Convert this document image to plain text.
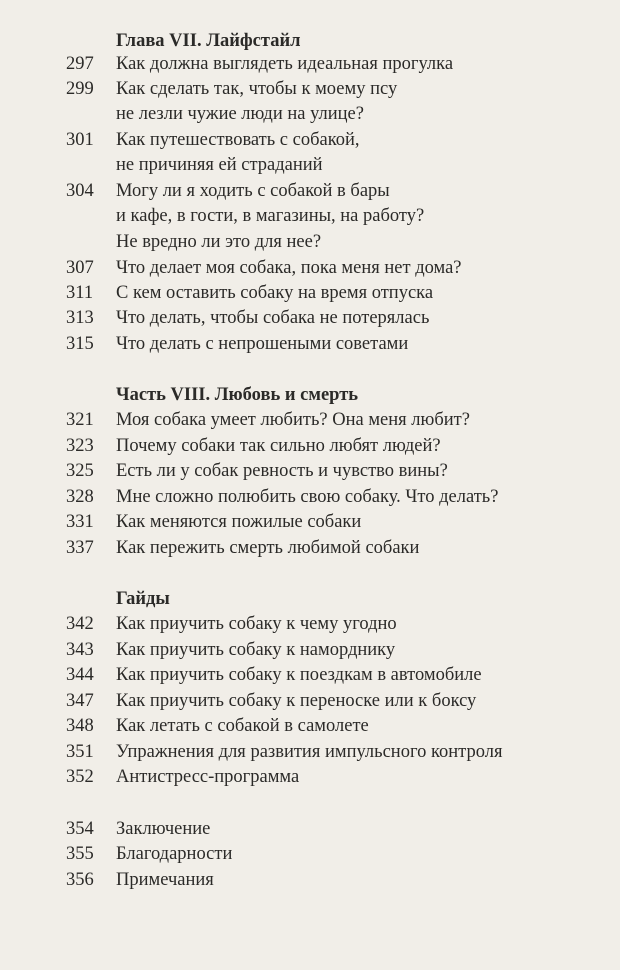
Глава VII. Лайфстайл
297 Как должна выглядеть идеальная прогулка
299 Как сделать так, чтобы к моему псу
не лезли чужие люди на улице?
301 Как путешествовать с собакой,
не причиняя ей страданий
304 Могу ли я ходить с собакой в бары
и кафе, в гости, в магазины, на работу?
Не вредно ли это для нее?
307 Что делает моя собака, пока меня нет дома?
311 С кем оставить собаку на время отпуска
313 Что делать, чтобы собака не потерялась
315 Что делать с непрошеными советами
Часть VIII. Любовь и смерть
321 Моя собака умеет любить? Она меня любит?
323 Почему собаки так сильно любят людей?
325 Есть ли у собак ревность и чувство вины?
328 Мне сложно полюбить свою собаку. Что делать?
331 Как меняются пожилые собаки
337 Как пережить смерть любимой собаки
Гайды
342 Как приучить собаку к чему угодно
343 Как приучить собаку к наморднику
344 Как приучить собаку к поездкам в автомобиле
347 Как приучить собаку к переноске или к боксу
348 Как летать с собакой в самолете
351 Упражнения для развития импульсного контроля
352 Антистресс-программа
354 Заключение
355 Благодарности
356 Примечания
